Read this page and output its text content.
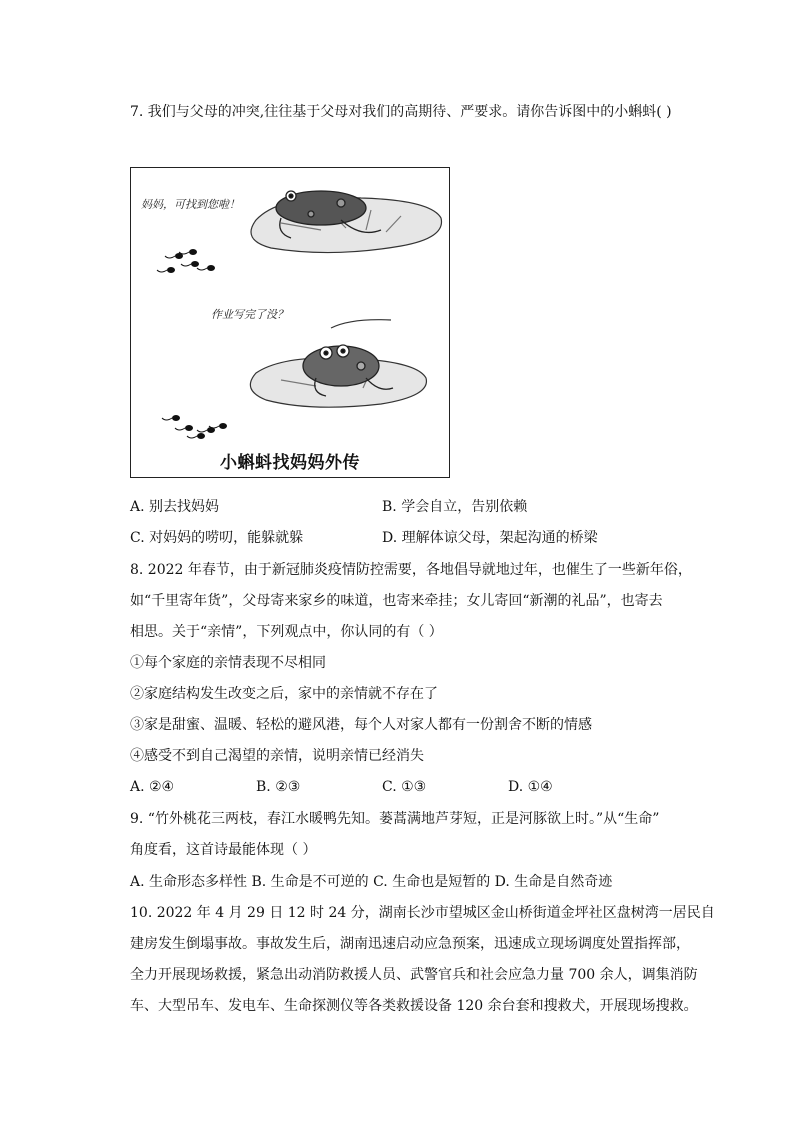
7. 我们与父母的冲突,往往基于父母对我们的高期待、严要求。请你告诉图中的小蝌蚪( )
妈妈，可找到您啦！
作业写完了没？
小蝌蚪找妈妈外传
A. 别去找妈妈	B. 学会自立，告别依赖
C. 对妈妈的唠叨，能躲就躲	D. 理解体谅父母，架起沟通的桥梁
8. 2022 年春节，由于新冠肺炎疫情防控需要，各地倡导就地过年，也催生了一些新年俗，
如“千里寄年货”，父母寄来家乡的味道，也寄来牵挂；女儿寄回“新潮的礼品”，也寄去
相思。关于“亲情”，下列观点中，你认同的有（ ）
①每个家庭的亲情表现不尽相同
②家庭结构发生改变之后，家中的亲情就不存在了
③家是甜蜜、温暖、轻松的避风港，每个人对家人都有一份割舍不断的情感
④感受不到自己渴望的亲情，说明亲情已经消失
A. ②④	B. ②③	C. ①③	D. ①④
9. “竹外桃花三两枝，春江水暖鸭先知。蒌蒿满地芦芽短，正是河豚欲上时。”从“生命”
角度看，这首诗最能体现（ ）
A. 生命形态多样性 B. 生命是不可逆的 C. 生命也是短暂的 D. 生命是自然奇迹
10. 2022 年 4 月 29 日 12 时 24 分，湖南长沙市望城区金山桥街道金坪社区盘树湾一居民自
建房发生倒塌事故。事故发生后，湖南迅速启动应急预案，迅速成立现场调度处置指挥部，
全力开展现场救援，紧急出动消防救援人员、武警官兵和社会应急力量 700 余人，调集消防
车、大型吊车、发电车、生命探测仪等各类救援设备 120 余台套和搜救犬，开展现场搜救。
